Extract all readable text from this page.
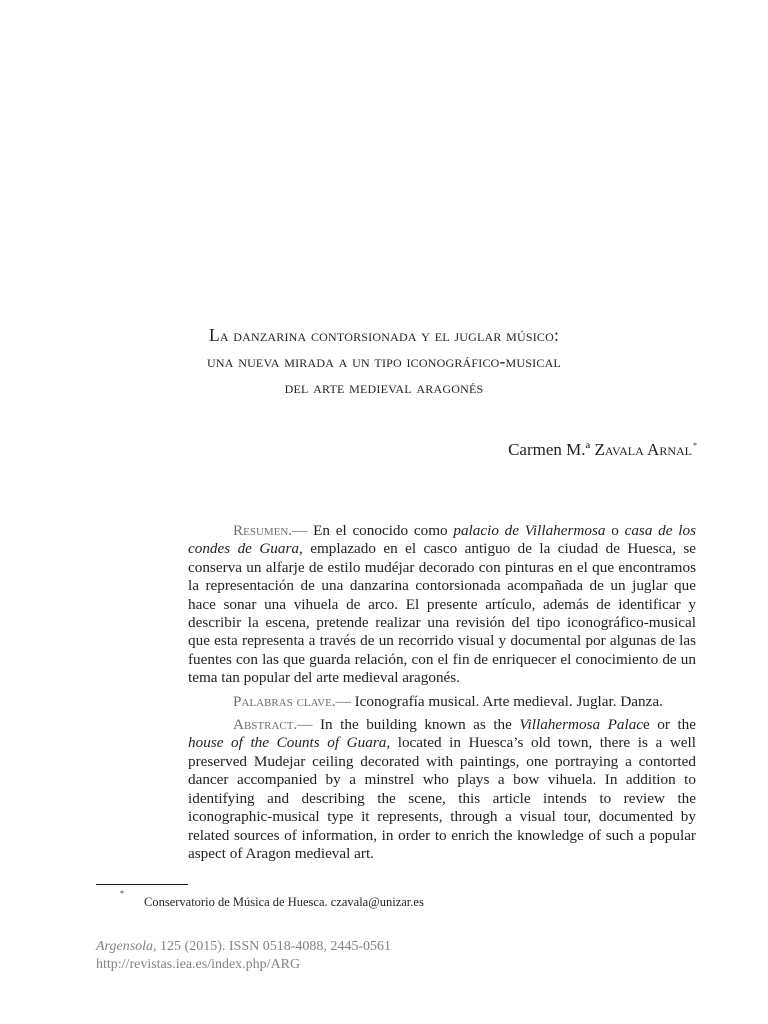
La danzarina contorsionada y el juglar músico:
una nueva mirada a un tipo iconográfico-musical
del arte medieval aragonés
Carmen M.ª Zavala Arnal*

Resumen.— En el conocido como palacio de Villahermosa o casa de los condes de Guara, emplazado en el casco antiguo de la ciudad de Huesca, se conserva un alfarje de estilo mudéjar decorado con pinturas en el que encontramos la representación de una danzarina contorsionada acompañada de un juglar que hace sonar una vihuela de arco. El presente artículo, además de identificar y describir la escena, pretende realizar una revisión del tipo iconográfico-musical que esta representa a través de un recorrido visual y documental por algunas de las fuentes con las que guarda relación, con el fin de enriquecer el conocimiento de un tema tan popular del arte medieval aragonés.

Palabras clave.— Iconografía musical. Arte medieval. Juglar. Danza.

Abstract.— In the building known as the Villahermosa Palace or the house of the Counts of Guara, located in Huesca’s old town, there is a well preserved Mudejar ceiling decorated with paintings, one portraying a contorted dancer accompanied by a minstrel who plays a bow vihuela. In addition to identifying and describing the scene, this article intends to review the iconographic-musical type it represents, through a visual tour, documented by related sources of information, in order to enrich the knowledge of such a popular aspect of Aragon medieval art.

*
Conservatorio de Música de Huesca. czavala@unizar.es
Argensola, 125 (2015). ISSN 0518-4088, 2445-0561
http://revistas.iea.es/index.php/ARG
